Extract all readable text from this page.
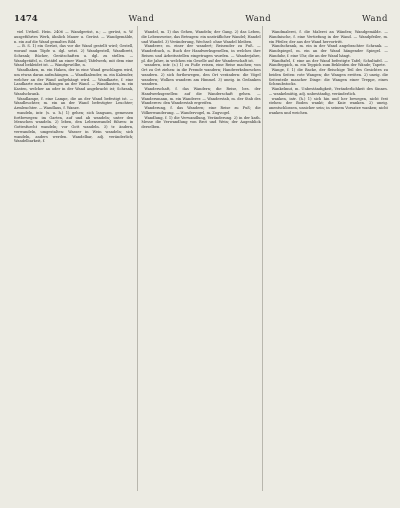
1474	Wand	Wand	Wand

viel Urtheil. Hein. 2406 — Wandgerüst, n.; — gerüst, n. W. ausgeführtes Werk, ähnlich Mauer u. Gerüst. — Wandgemälde, n. ein auf die Wand gemaltes Bild.

— B. S. 1) ein Gerüst, das vor die Wand gestellt wird; Gestell, worauf man Töpfe u. dgl. setzt. 2) Wandgestell, Wandbrett, Schrank; Bücher, Gerätschaften u. dgl. zu stellen. — Wandgetäfel, n. Getäfel an einer Wand; Täfelwerk, mit dem eine Wand bekleidet ist. — Wandgewölbe, n.

Wandhaken, m. ein Haken, der in eine Wand geschlagen wird, um etwas daran aufzuhängen. — Wandkalender, m. ein Kalender, welcher an der Wand aufgehängt wird. — Wandkarte, f. eine Landkarte zum Aufhängen an der Wand. — Wandkasten, m. ein Kasten, welcher an oder in der Wand angebracht ist; Schrank, Wandschrank.

Wandlampe, f. eine Lampe, die an der Wand befestigt ist. — Wandleuchter, m. ein an der Wand befestigter Leuchter; Armleuchter. — Wandlaus, f. Wanze.

wandeln, intr. (s. u. h.) 1) gehen; sich langsam, gemessen fortbewegen: im Garten, auf und ab wandeln; unter den Menschen wandeln. 2) leben, den Lebenswandel führen: in Gottesfurcht wandeln; vor Gott wandeln. 3) tr. ändern, verwandeln, umgestalten: Wasser in Wein wandeln; sich wandeln, anders werden. Wandelbar, adj. veränderlich; Wandelbarkeit, f.

Wandel, m. 1) das Gehen, Wandeln; der Gang. 2) das Leben, die Lebensweise, das Betragen: ein unsträflicher Wandel; Handel und Wandel. 3) Veränderung, Wechsel: ohne Wandel bleiben.

Wanderer, m. einer der wandert; Reisender zu Fuß. — Wanderbuch, n. Buch der Handwerksgesellen, in welches ihre Reisen und Arbeitsstellen eingetragen wurden. — Wanderjahre, pl. die Jahre, in welchen ein Geselle auf der Wanderschaft ist.

wandern, intr. (s.) 1) zu Fuße reisen, eine Reise machen; von Ort zu Ort ziehen: in die Fremde wandern; Handwerksburschen wandern. 2) sich fortbewegen, den Ort verändern: die Vögel wandern; Wolken wandern am Himmel. 3) uneig. in Gedanken wandern.

Wanderschaft, f. das Wandern; die Reise, bes. der Handwerksgesellen: auf die Wanderschaft gehen. — Wandersmann, m. ein Wanderer. — Wanderstab, m. der Stab des Wanderers: den Wanderstab ergreifen.

Wanderung, f. das Wandern; eine Reise zu Fuß; die Völkerwanderung. — Wandervogel, m. Zugvogel.

Wandlung, f. 1) die Verwandlung, Veränderung. 2) in der kath. Messe die Verwandlung von Brot und Wein; der Augenblick derselben.

Wandmalerei, f. die Malerei an Wänden; Wandgemälde. — Wandnische, f. eine Vertiefung in der Wand. — Wandpfeiler, m. ein Pfeiler, der aus der Wand hervortritt.

Wandschrank, m. ein in der Wand angebrachter Schrank. — Wandspiegel, m. ein an der Wand hängender Spiegel. — Wanduhr, f. eine Uhr, die an der Wand hängt.

Wandtafel, f. eine an der Wand befestigte Tafel; Schultafel. — Wandteppich, m. ein Teppich zum Bekleiden der Wände; Tapete.

Wange, f. 1) die Backe, der fleischige Teil des Gesichtes zu beiden Seiten: rote Wangen; die Wangen erröten. 2) uneig. die Seitenteile mancher Dinge: die Wangen einer Treppe, eines Schraubstocks.

Wankelmut, m. Unbeständigkeit, Veränderlichkeit des Sinnes. — wankelmütig, adj. unbeständig, veränderlich.

wanken, intr. (h.) 1) sich hin und her bewegen, nicht fest stehen: der Boden wankt; die Knie wanken. 2) uneig. unentschlossen, unsicher sein; in seinem Vorsatze wanken; nicht wanken und weichen.
